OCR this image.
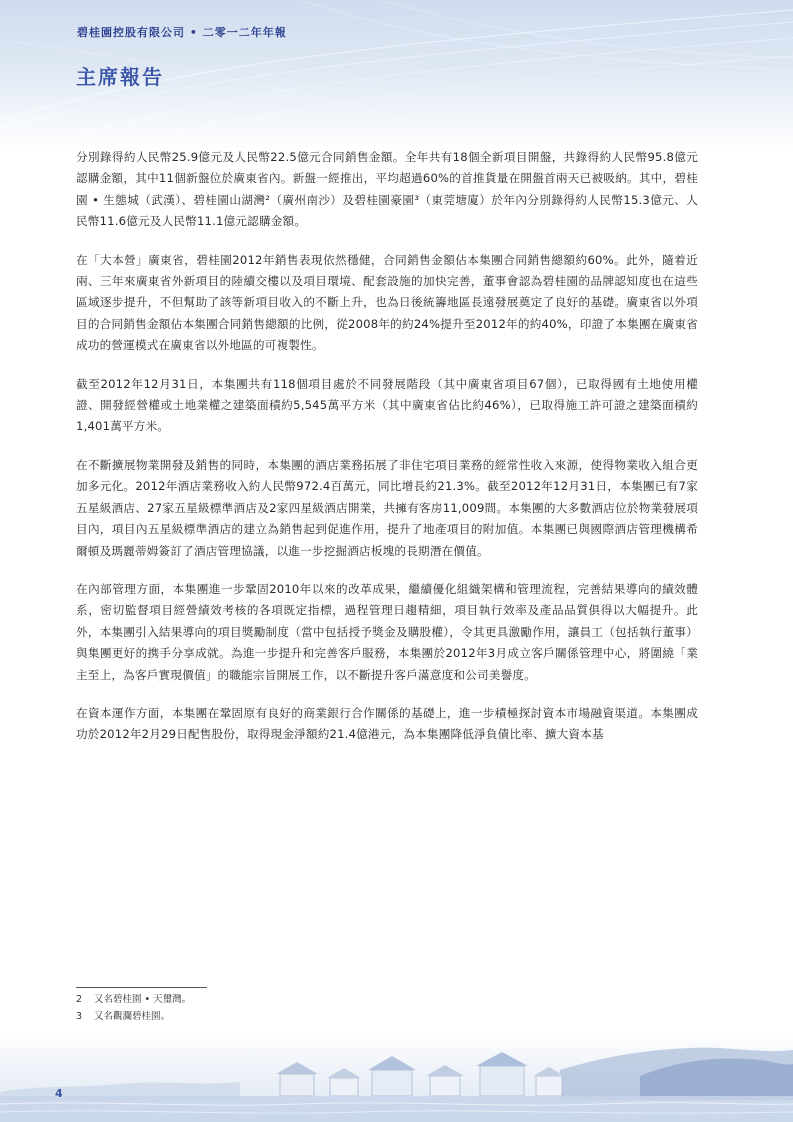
碧桂園控股有限公司 • 二零一二年年報
主席報告

分別錄得約人民幣25.9億元及人民幣22.5億元合同銷售金額。全年共有18個全新項目開盤，共錄得約人民幣95.8億元認購金額，其中11個新盤位於廣東省內。新盤一經推出，平均超過60%的首推貨量在開盤首兩天已被吸納。其中，碧桂園 • 生態城（武漢）、碧桂園山湖灣²（廣州南沙）及碧桂園豪園³（東莞塘廈）於年內分別錄得約人民幣15.3億元、人民幣11.6億元及人民幣11.1億元認購金額。

在「大本營」廣東省，碧桂園2012年銷售表現依然穩健，合同銷售金額佔本集團合同銷售總額約60%。此外，隨着近兩、三年來廣東省外新項目的陸續交樓以及項目環境、配套設施的加快完善，董事會認為碧桂園的品牌認知度也在這些區域逐步提升，不但幫助了該等新項目收入的不斷上升，也為日後統籌地區長遠發展奠定了良好的基礎。廣東省以外項目的合同銷售金額佔本集團合同銷售總額的比例，從2008年的約24%提升至2012年的約40%，印證了本集團在廣東省成功的營運模式在廣東省以外地區的可複製性。

截至2012年12月31日，本集團共有118個項目處於不同發展階段（其中廣東省項目67個），已取得國有土地使用權證、開發經營權或土地業權之建築面積約5,545萬平方米（其中廣東省佔比約46%），已取得施工許可證之建築面積約1,401萬平方米。

在不斷擴展物業開發及銷售的同時，本集團的酒店業務拓展了非住宅項目業務的經常性收入來源，使得物業收入組合更加多元化。2012年酒店業務收入約人民幣972.4百萬元，同比增長約21.3%。截至2012年12月31日，本集團已有7家五星級酒店、27家五星級標準酒店及2家四星級酒店開業，共擁有客房11,009間。本集團的大多數酒店位於物業發展項目內，項目內五星級標準酒店的建立為銷售起到促進作用，提升了地產項目的附加值。本集團已與國際酒店管理機構希爾頓及瑪麗蒂姆簽訂了酒店管理協議，以進一步挖掘酒店板塊的長期潛在價值。

在內部管理方面，本集團進一步鞏固2010年以來的改革成果，繼續優化組織架構和管理流程，完善結果導向的績效體系，密切監督項目經營績效考核的各項既定指標，過程管理日趨精細，項目執行效率及產品品質俱得以大幅提升。此外，本集團引入結果導向的項目獎勵制度（當中包括授予獎金及購股權），令其更具激勵作用，讓員工（包括執行董事）與集團更好的携手分享成就。為進一步提升和完善客戶服務，本集團於2012年3月成立客戶關係管理中心，將圍繞「業主至上，為客戶實現價值」的職能宗旨開展工作，以不斷提升客戶滿意度和公司美譽度。

在資本運作方面，本集團在鞏固原有良好的商業銀行合作關係的基礎上，進一步積極探討資本市場融資渠道。本集團成功於2012年2月29日配售股份，取得現金淨額約21.4億港元，為本集團降低淨負債比率、擴大資本基

2 又名碧桂園 • 天璽灣。
3 又名觀瀾碧桂園。
4
